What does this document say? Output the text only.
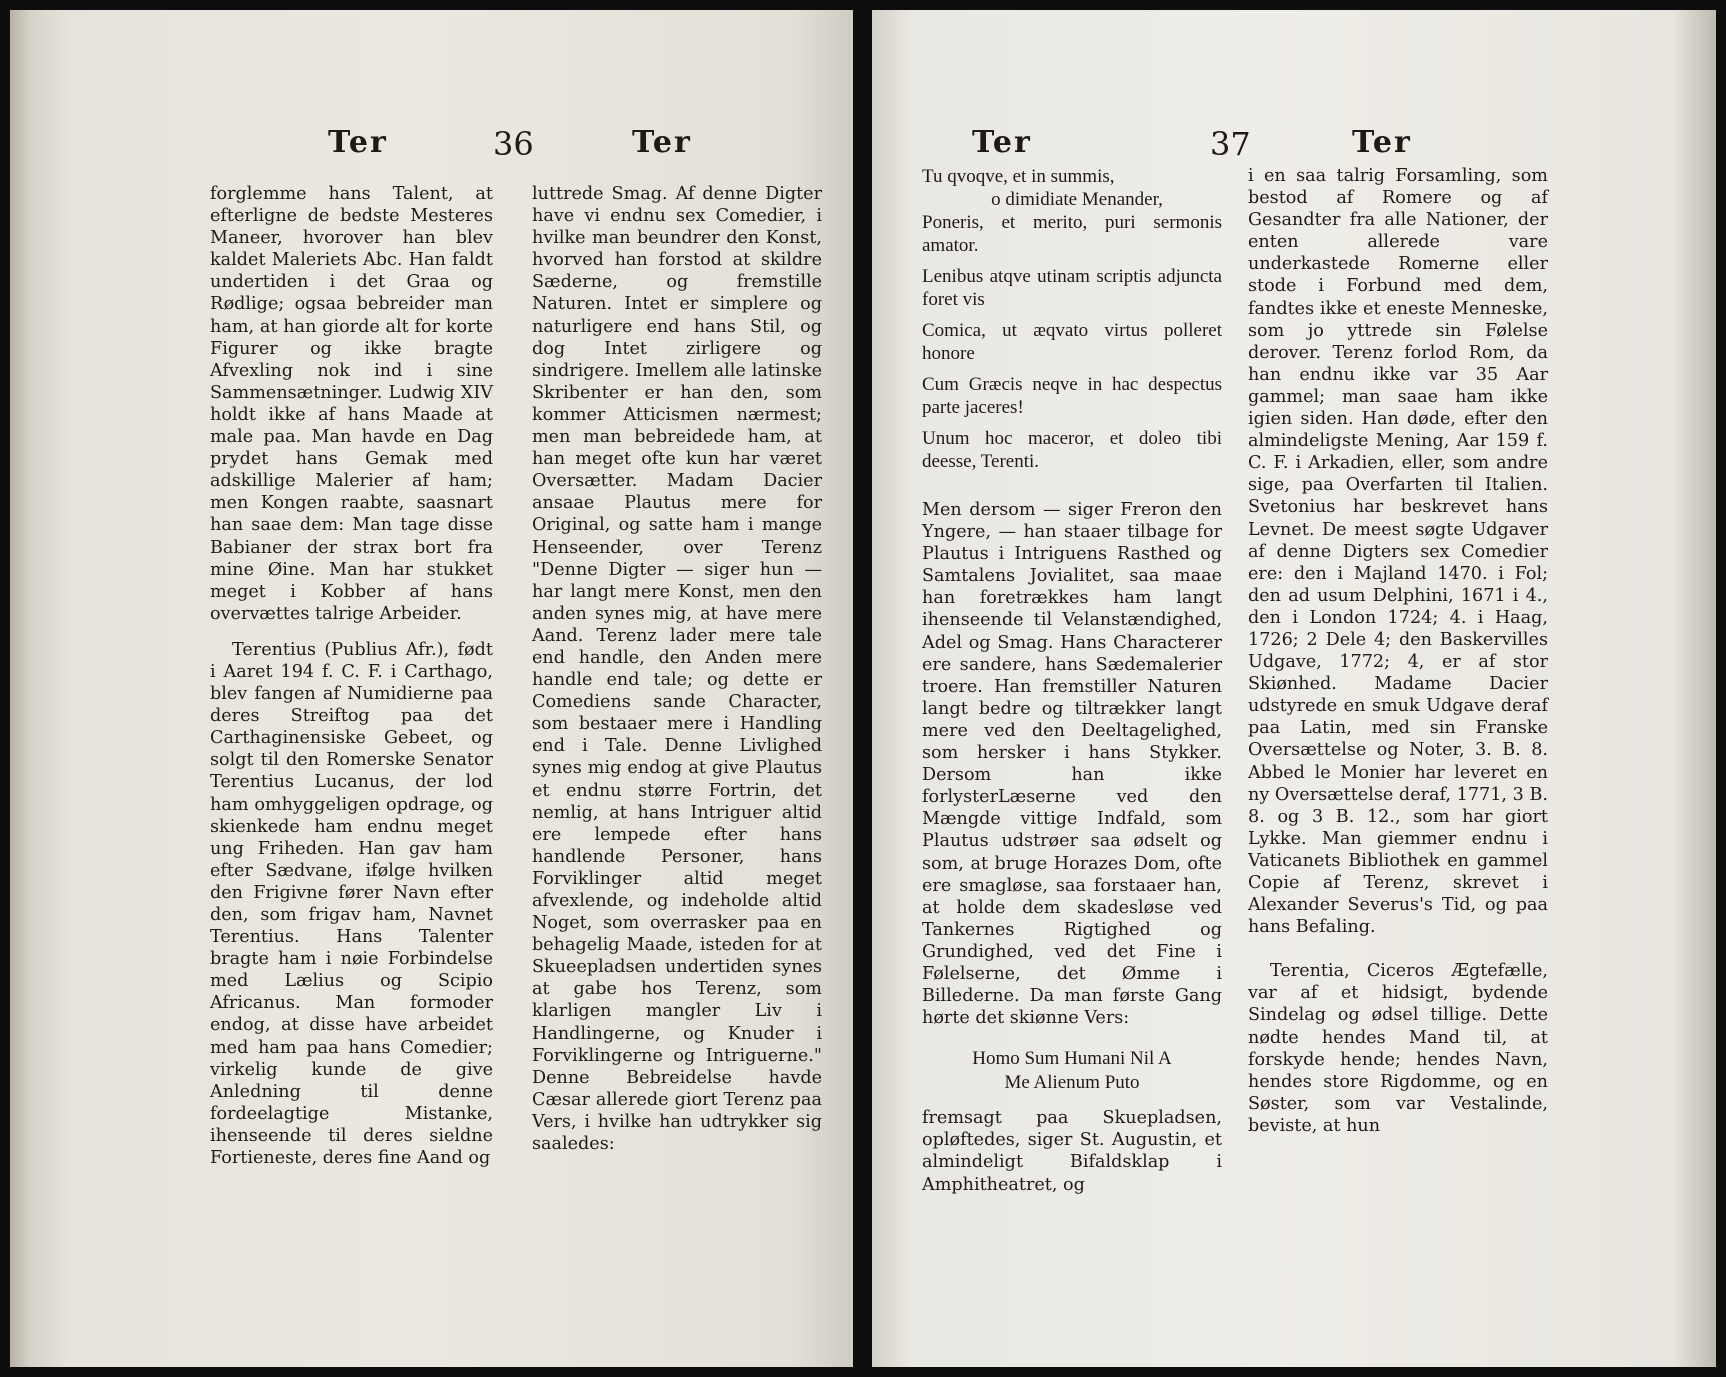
Ter	36	Ter

forglemme hans Talent, at efterligne de bedste Mesteres Maneer, hvorover han blev kaldet Maleriets Abc. Han faldt undertiden i det Graa og Rødlige; ogsaa bebreider man ham, at han giorde alt for korte Figurer og ikke bragte Afvexling nok ind i sine Sammensætninger. Ludwig XIV holdt ikke af hans Maade at male paa. Man havde en Dag prydet hans Gemak med adskillige Malerier af ham; men Kongen raabte, saasnart han saae dem: Man tage disse Babianer der strax bort fra mine Øine. Man har stukket meget i Kobber af hans overvættes talrige Arbeider.

Terentius (Publius Afr.), født i Aaret 194 f. C. F. i Carthago, blev fangen af Numidierne paa deres Streiftog paa det Carthaginensiske Gebeet, og solgt til den Romerske Senator Terentius Lucanus, der lod ham omhyggeligen opdrage, og skienkede ham endnu meget ung Friheden. Han gav ham efter Sædvane, ifølge hvilken den Frigivne fører Navn efter den, som frigav ham, Navnet Terentius. Hans Talenter bragte ham i nøie Forbindelse med Lælius og Scipio Africanus. Man formoder endog, at disse have arbeidet med ham paa hans Comedier; virkelig kunde de give Anledning til denne fordeelagtige Mistanke, ihenseende til deres sieldne Fortieneste, deres fine Aand og

luttrede Smag. Af denne Digter have vi endnu sex Comedier, i hvilke man beundrer den Konst, hvorved han forstod at skildre Sæderne, og fremstille Naturen. Intet er simplere og naturligere end hans Stil, og dog Intet zirligere og sindrigere. Imellem alle latinske Skribenter er han den, som kommer Atticismen nærmest; men man bebreidede ham, at han meget ofte kun har været Oversætter. Madam Dacier ansaae Plautus mere for Original, og satte ham i mange Henseender, over Terenz "Denne Digter — siger hun — har langt mere Konst, men den anden synes mig, at have mere Aand. Terenz lader mere tale end handle, den Anden mere handle end tale; og dette er Comediens sande Character, som bestaaer mere i Handling end i Tale. Denne Livlighed synes mig endog at give Plautus et endnu større Fortrin, det nemlig, at hans Intriguer altid ere lempede efter hans handlende Personer, hans Forviklinger altid meget afvexlende, og indeholde altid Noget, som overrasker paa en behagelig Maade, isteden for at Skueepladsen undertiden synes at gabe hos Terenz, som klarligen mangler Liv i Handlingerne, og Knuder i Forviklingerne og Intriguerne." Denne Bebreidelse havde Cæsar allerede giort Terenz paa Vers, i hvilke han udtrykker sig saaledes:

Ter	37	Ter

Tu qvoqve, et in summis,

o dimidiate Menander,

Poneris, et merito, puri sermonis amator.

Lenibus atqve utinam scriptis adjuncta foret vis

Comica, ut æqvato virtus polleret honore

Cum Græcis neqve in hac despectus parte jaceres!

Unum hoc maceror, et doleo tibi deesse, Terenti.

Men dersom — siger Freron den Yngere, — han staaer tilbage for Plautus i Intriguens Rasthed og Samtalens Jovialitet, saa maae han foretrækkes ham langt ihenseende til Velanstændighed, Adel og Smag. Hans Characterer ere sandere, hans Sædemalerier troere. Han fremstiller Naturen langt bedre og tiltrækker langt mere ved den Deeltagelighed, som hersker i hans Stykker. Dersom han ikke forlysterLæserne ved den Mængde vittige Indfald, som Plautus udstrøer saa ødselt og som, at bruge Horazes Dom, ofte ere smagløse, saa forstaaer han, at holde dem skadesløse ved Tankernes Rigtighed og Grundighed, ved det Fine i Følelserne, det Ømme i Billederne. Da man første Gang hørte det skiønne Vers:

Homo Sum Humani Nil A

Me Alienum Puto

fremsagt paa Skuepladsen, opløftedes, siger St. Augustin, et almindeligt Bifaldsklap i Amphitheatret, og

i en saa talrig Forsamling, som bestod af Romere og af Gesandter fra alle Nationer, der enten allerede vare underkastede Romerne eller stode i Forbund med dem, fandtes ikke et eneste Menneske, som jo yttrede sin Følelse derover. Terenz forlod Rom, da han endnu ikke var 35 Aar gammel; man saae ham ikke igien siden. Han døde, efter den almindeligste Mening, Aar 159 f. C. F. i Arkadien, eller, som andre sige, paa Overfarten til Italien. Svetonius har beskrevet hans Levnet. De meest søgte Udgaver af denne Digters sex Comedier ere: den i Majland 1470. i Fol; den ad usum Delphini, 1671 i 4., den i London 1724; 4. i Haag, 1726; 2 Dele 4; den Baskervilles Udgave, 1772; 4, er af stor Skiønhed. Madame Dacier udstyrede en smuk Udgave deraf paa Latin, med sin Franske Oversættelse og Noter, 3. B. 8. Abbed le Monier har leveret en ny Oversættelse deraf, 1771, 3 B. 8. og 3 B. 12., som har giort Lykke. Man giemmer endnu i Vaticanets Bibliothek en gammel Copie af Terenz, skrevet i Alexander Severus's Tid, og paa hans Befaling.

Terentia, Ciceros Ægtefælle, var af et hidsigt, bydende Sindelag og ødsel tillige. Dette nødte hendes Mand til, at forskyde hende; hendes Navn, hendes store Rigdomme, og en Søster, som var Vestalinde, beviste, at hun
